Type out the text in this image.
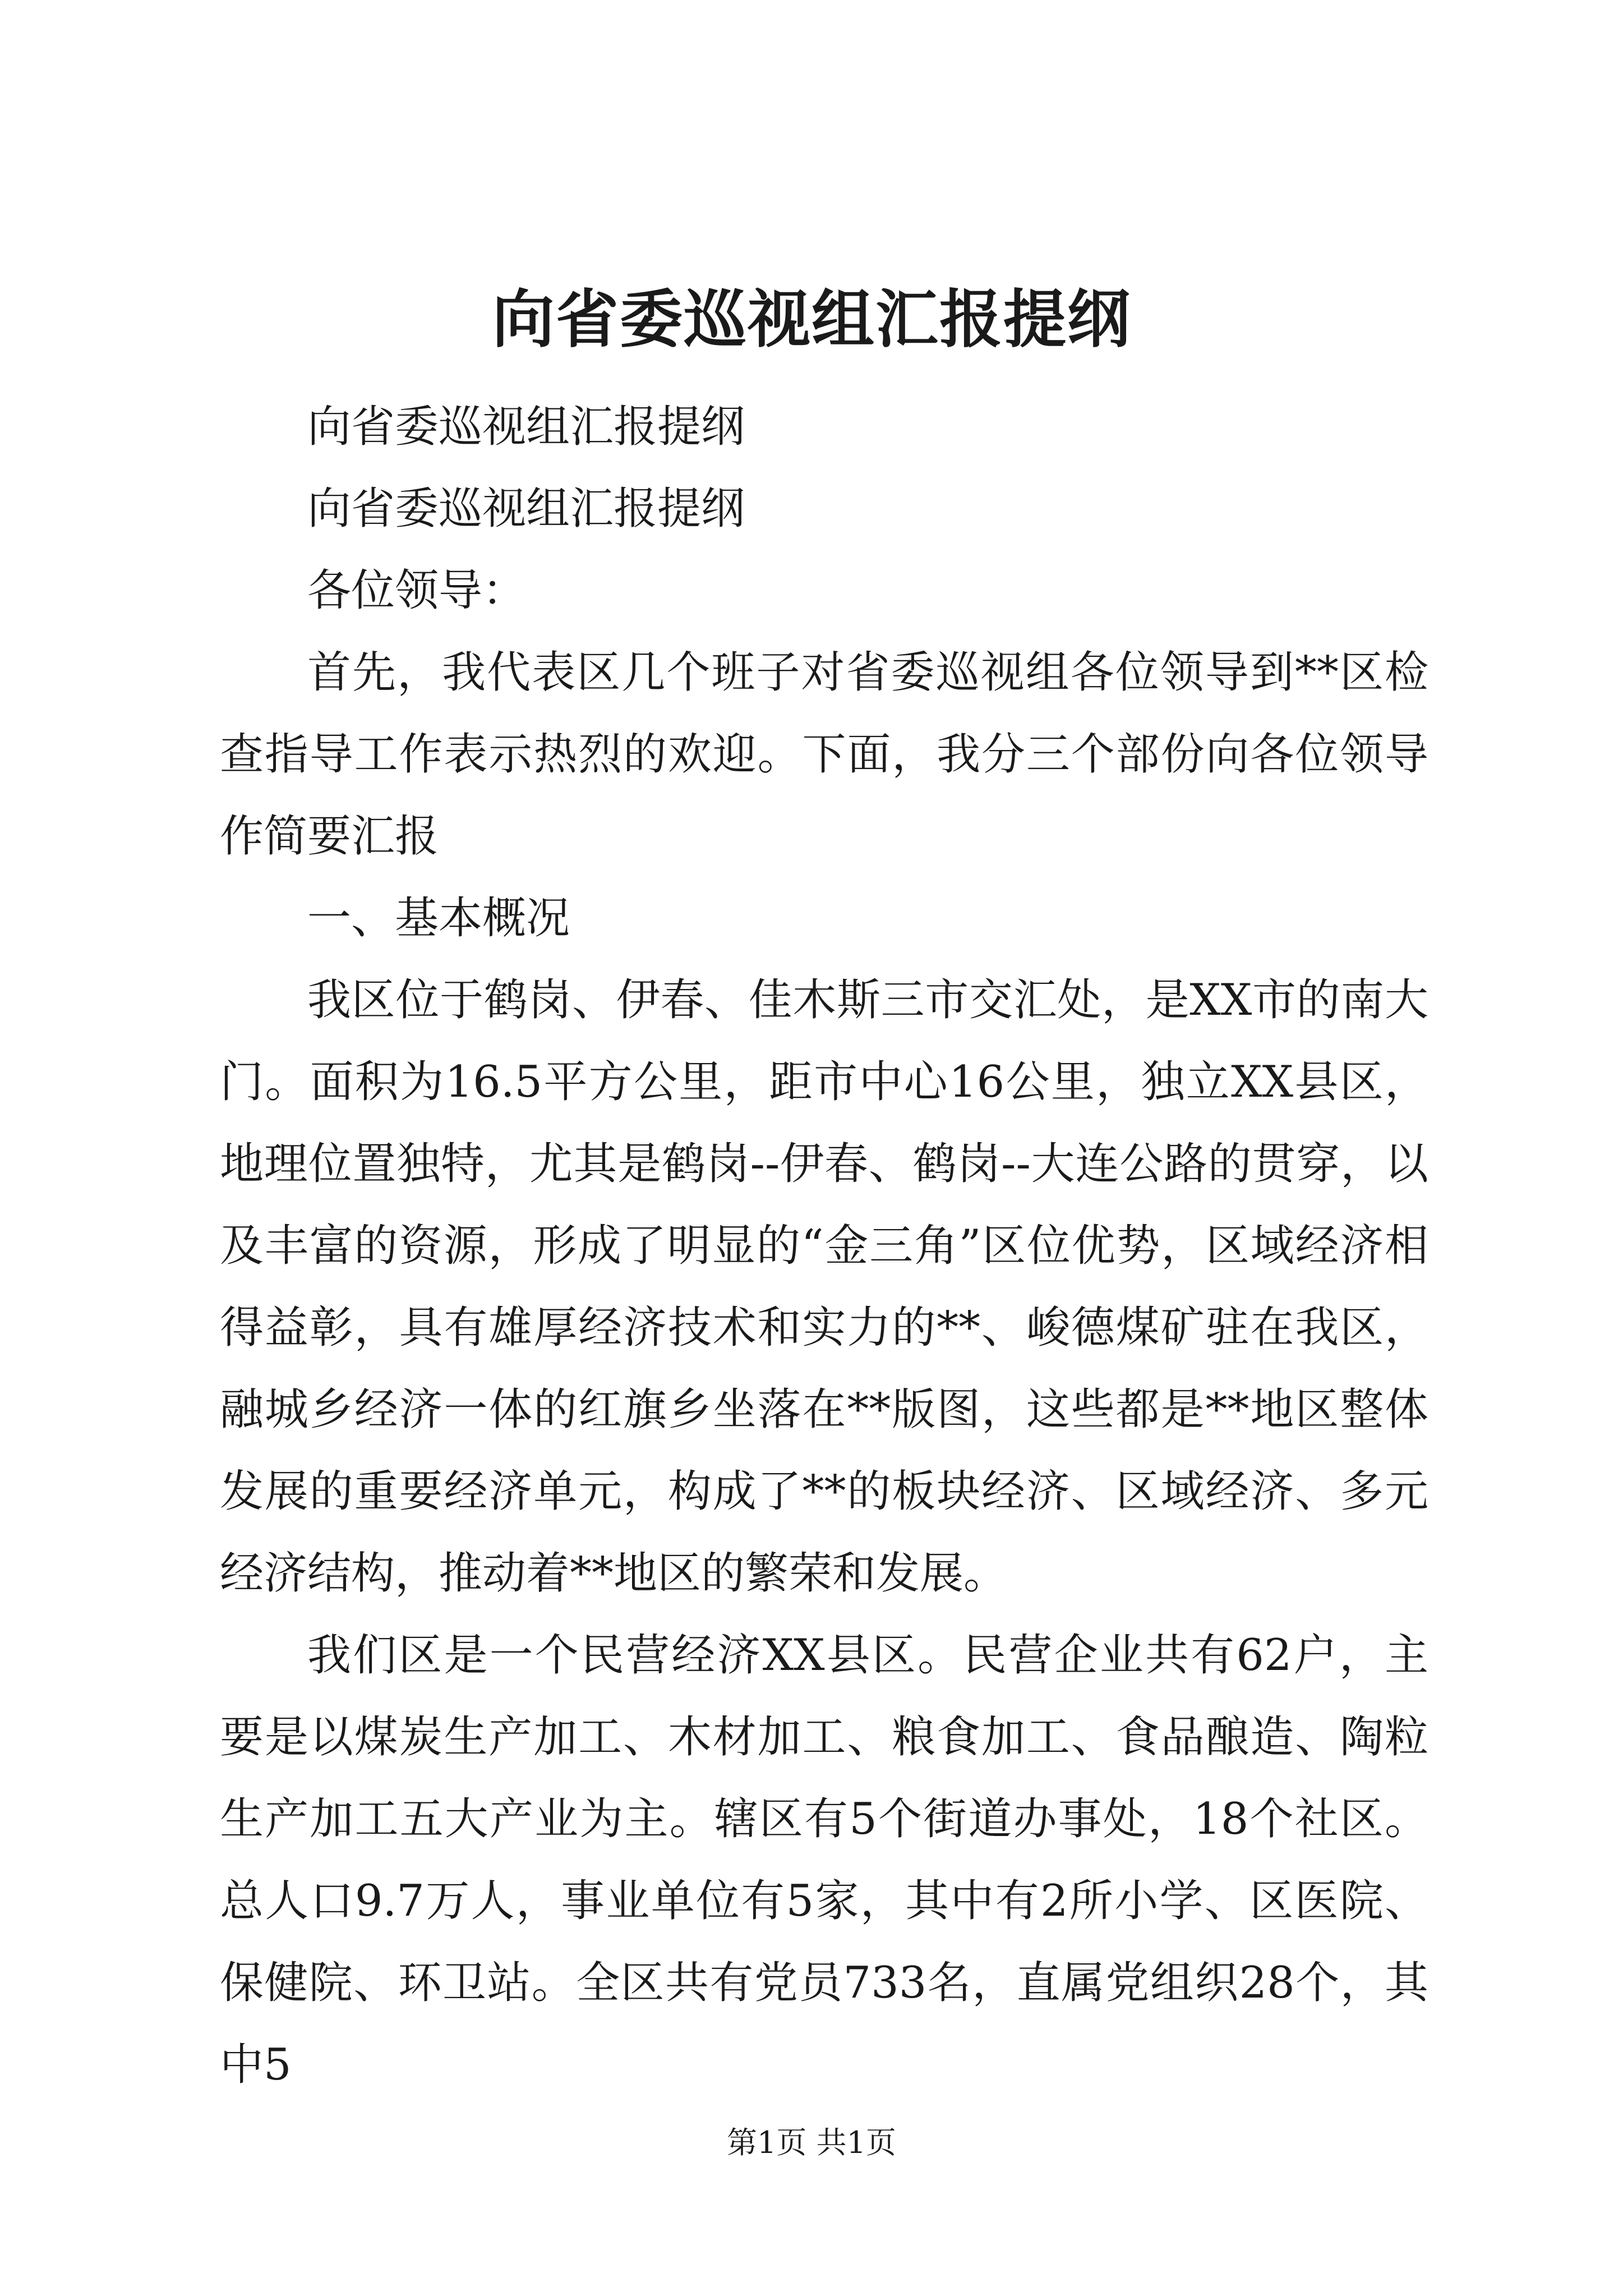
向省委巡视组汇报提纲

向省委巡视组汇报提纲

向省委巡视组汇报提纲

各位领导：

首先，我代表区几个班子对省委巡视组各位领导到**区检查指导工作表示热烈的欢迎。下面，我分三个部份向各位领导作简要汇报

一、基本概况

我区位于鹤岗、伊春、佳木斯三市交汇处，是XX市的南大门。面积为16.5平方公里，距市中心16公里，独立XX县区，地理位置独特，尤其是鹤岗--伊春、鹤岗--大连公路的贯穿，以及丰富的资源，形成了明显的“金三角”区位优势，区域经济相得益彰，具有雄厚经济技术和实力的**、峻德煤矿驻在我区，融城乡经济一体的红旗乡坐落在**版图，这些都是**地区整体发展的重要经济单元，构成了**的板块经济、区域经济、多元经济结构，推动着**地区的繁荣和发展。

我们区是一个民营经济XX县区。民营企业共有62户，主要是以煤炭生产加工、木材加工、粮食加工、食品酿造、陶粒生产加工五大产业为主。辖区有5个街道办事处，18个社区。总人口9.7万人，事业单位有5家，其中有2所小学、区医院、保健院、环卫站。全区共有党员733名，直属党组织28个，其中5

第1页 共1页
